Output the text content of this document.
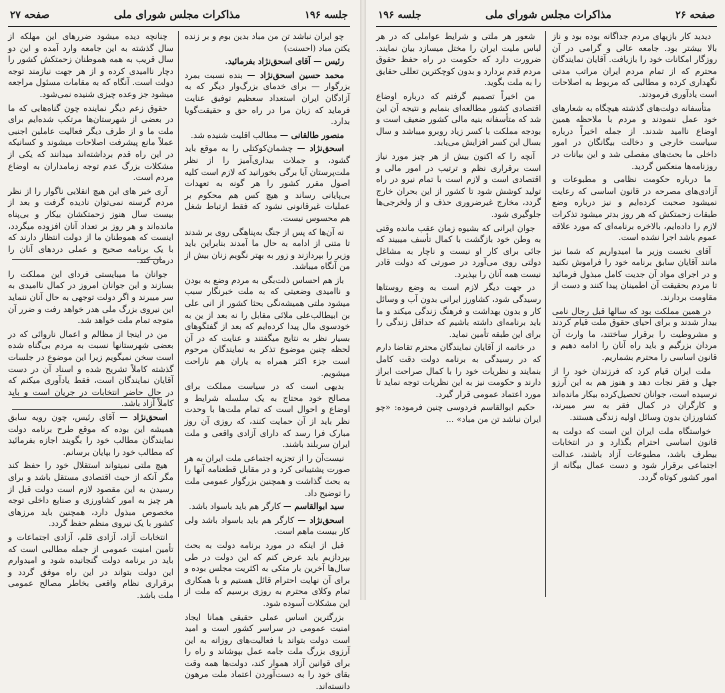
جلسه ۱۹۶
مذاکرات مجلس شورای ملی
صفحه ۲۷

چو ایران نباشد تن من مباد بدین بوم و بر زنده یکتن مباد (احسنت)

رئیس — آقای اسحق‌نژاد بفرمائید.

محمد حسین اسحق‌نژاد — بنده نسبت بمرد بزرگوار — برای خدمای بزرگ‌وار دیگر که به آزادگان ایران استعداد سعظیم توفیق عنایت فرماید که زبان مرا در راه حق و حقیقت‌گویا بدارد.

منصور طالقانی — مطالب اقلیت شنیده شد.

اسحق‌نژاد — چشمان‌کوکتلی را به موقع باید گشود، و جملات بیداری‌آمیز را از نظر ملت‌پرستان آیا برگی بخورانید که لازم است کلیه اصول مقرر کشور را هر گونه به تعهدات بی‌پایانی رساند و هیچ کس هم محکوم بر عملیات غیرقانونی نشود که فقط ارتباط شغل هم محسوس نیست.

نه آن‌ها که پس از جنگ به‌پناهگی روی بر شدند تا متنی از ادامه به حال ما آمدند بنابراین باید وزیر را بپردازند و زور به بهتر نگویم زنان بیش از من آنگاه میباشد.

باز هم احساس ذلت‌بگی به مردم وضع به بودن و ناامیدی وضعیتی که به ملت خبرنگار سبب میشود ملتی همیشه‌نگی بحثا کشور از انی علی بن ابیطالب‌علی ملائی مقابل را نه بعد از ین به خودسوی مال پیدا کرده‌ایم که بعد از گفتگوهای بسیار نظر به نتایج میگفتند و عنایت که در آن لحظه چنین موضوع تذکر به نمایندگان مرحوم است جزء اکثر همراه به یاران هم ناراحت میشویم.

بدیهی است که در سیاست مملکت برای مصالح خود محتاج به یک سلسله شرایط و اوضاع و احوال است که تمام ملت‌ها با وحدت نظر باید از آن حمایت کنند، که روزی آن روز مبارک فرا رسد که دارای آزادی واقعی و ملت ایران سربلند باشند.

نیست‌آن را از تجزیه اجتماعی ملت ایران به هر صورت پشتیبانی کرد و در مقابل قطعنامه آنها را به بحث گذاشت و همچنین بزرگوار عمومی ملت را توضیح داد.

سید ابوالقاسم — کارگر هم باید باسواد باشد.

اسحق‌نژاد — کارگر هم باید باسواد باشد ولی کار بیست ماهم است.

قبل از اینکه در مورد برنامه دولت به بحث بپردازیم باید عرض کنم که این دولت در طی سال‌ها آخرین بار متکی به اکثریت مجلس بوده و برای آن نهایت احترام قائل هستیم و با همکاری تمام وکلای محترم به روزی برسیم که ملت از این مشکلات آسوده شود.

بزرگترین اساس عملی حقیقی همانا ایجاد امنیت عمومی در سراسر کشور است و امید است دولت بتواند با فعالیت‌های روزانه به این آرزوی بزرگ ملت جامه عمل بپوشاند و راه را برای قوانین آزاد هموار کند، دولت‌ها همه وقت بقای خود را به دست‌آوردن اعتماد ملت مرهون دانسته‌اند.

چنانچه دیده میشود ضررهای این مهلکه از سال گذشته به این جامعه وارد آمده و این دو سال قریب به همه هموطنان زحمتکش کشور را دچار ناامیدی کرده و از هر جهت نیازمند توجه دولت است. آنگاه که به مقامات مسئول مراجعه میشود جز وعده چیزی شنیده نمی‌شود.

حقوق زعم دیگر نماینده چون گناه‌هایی که ما در بعضی از شهرستان‌ها مرتکب شده‌ایم برای ملت ما و از طرف دیگر فعالیت عاملین اجنبی عملاً مانع پیشرفت اصلاحات میشوند و کسانیکه در این راه قدم برداشته‌اند میدانند که یکی از مشکلات بزرگ عدم توجه زمامداران به اوضاع مردم است.

آری خبر های این هیچ انقلابی ناگوار را از نظر مردم گرسنه نمی‌توان نادیده گرفت و بعد از بیست سال هنوز زحمتکشان بیکار و بی‌پناه مانده‌اند و هر روز بر تعداد آنان افزوده میگردد، اینست که هموطنان ما از دولت انتظار دارند که با یک برنامه صحیح و عملی دردهای آنان را درمان کند.

جوانان ما میبایستی فردای این مملکت را بسازند و این جوانان امروز در کمال ناامیدی به سر میبرند و اگر دولت توجهی به حال آنان ننماید این نیروی بزرگ ملی هدر خواهد رفت و ضرر آن متوجه تمام ملت خواهد شد.

من در اینجا از مظالم و اعمال ناروائی که در بعضی شهرستانها نسبت به مردم بی‌گناه شده است سخن نمیگویم زیرا این موضوع در جلسات گذشته کاملاً تشریح شده و اسناد آن در دست آقایان نمایندگان است، فقط یادآوری میکنم که در حال حاضر انتخابات در جریان است و باید کاملاً آزاد باشد.

اسحق‌نژاد — آقای رئیس، چون رویه سابق همیشه این بوده که موقع طرح برنامه دولت نمایندگان مطالب خود را بگویند اجازه بفرمائید که مطالب خود را بپایان برسانم.

هیچ ملتی نمیتواند استقلال خود را حفظ کند مگر آنکه از حیث اقتصادی مستقل باشد و برای رسیدن به این مقصود لازم است دولت قبل از هر چیز به امور کشاورزی و صنایع داخلی توجه مخصوص مبذول دارد، همچنین باید مرزهای کشور با یک نیروی منظم حفظ گردد.

انتخابات آزاد، آزادی قلم، آزادی اجتماعات و تأمین امنیت عمومی از جمله مطالبی است که باید در برنامه دولت گنجانیده شود و امیدوارم این دولت بتواند در این راه موفق گردد و برقراری نظام واقعی بخاطر مصالح عمومی ملت باشد.

صفحه ۲۶
مذاکرات مجلس شورای ملی
جلسه ۱۹۶

دیدید کار بازیهای مردم جداگانه بوده بود و ناز بالا بیشتر بود. جامعه عالی و گرامی در آن روزگار امکانات خود را بازیافت. آقایان نمایندگان محترم که از تمام مردم ایران مراتب مدتی نگهداری کرده و مطالبی که مربوط به اصلاحات است یادآوری فرمودند.

متأسفانه دولت‌های گذشته هیچگاه به شعارهای خود عمل ننمودند و مردم با ملاحظه همین اوضاع ناامید شدند. از جمله اخیراً درباره سیاست خارجی و دخالت بیگانگان در امور داخلی ما بحث‌های مفصلی شد و این بیانات در روزنامه‌ها منعکس گردید.

ما درباره حکومت نظامی و مطبوعات و آزادی‌های مصرحه در قانون اساسی که رعایت نمیشود صحبت کرده‌ایم و نیز درباره وضع طبقات زحمتکش که هر روز بدتر میشود تذکرات لازم را داده‌ایم، بالاخره برنامه‌ای که مورد علاقه عموم باشد اجرا نشده است.

آقای نخست وزیر ما امیدواریم که شما نیز مانند آقایان سابق برنامه خود را فراموش نکنید و در اجرای مواد آن جدیت کامل مبذول فرمائید تا مردم بحقیقت آن اطمینان پیدا کنند و دست از مقاومت بردارند.

در همین مملکت بود که سالها قبل رجال نامی بیدار شدند و برای احیای حقوق ملت قیام کردند و مشروطیت را برقرار ساختند، ما وارث آن مردان بزرگیم و باید راه آنان را ادامه دهیم و قانون اساسی را محترم بشماریم.

ملت ایران قیام کرد که فرزندان خود را از جهل و فقر نجات دهد و هنوز هم به این آرزو نرسیده است، جوانان تحصیل‌کرده بیکار مانده‌اند و کارگران در کمال فقر به سر میبرند، کشاورزان بدون وسائل اولیه زندگی هستند.

خواستگاه ملت ایران این است که دولت به قانون اساسی احترام بگذارد و در انتخابات بیطرف باشد، مطبوعات آزاد باشند، عدالت اجتماعی برقرار شود و دست عمال بیگانه از امور کشور کوتاه گردد.

شعور هر ملتی و شرایط عواملی که در هر لباس ملیت ایران را مختل میسازد بیان نمایند. ضرورت دارد که حکومت در راه حفظ حقوق مردم قدم بردارد و بدون کوچکترین تعللی حقایق را به ملت بگوید.

من اخیراً تصمیم گرفتم که درباره اوضاع اقتصادی کشور مطالعه‌ای بنمایم و نتیجه آن این شد که متأسفانه بنیه مالی کشور ضعیف است و بودجه مملکت با کسر زیاد روبرو میباشد و سال بسال این کسر افزایش می‌یابد.

آنچه را که اکنون بیش از هر چیز مورد نیاز است برقراری نظم و ترتیب در امور مالی و اقتصادی است و لازم است با تمام نیرو در راه تولید کوشش شود تا کشور از این بحران خارج گردد، مخارج غیرضروری حذف و از ولخرجی‌ها جلوگیری شود.

جوان ایرانی که بشیوه زمان عقب مانده وقتی به وطن خود بازگشت با کمال تأسف میبیند که جائی برای کار او نیست و ناچار به مشاغل دولتی روی می‌آورد در صورتی که دولت قادر نیست همه آنان را بپذیرد.

در جهت دیگر لازم است به وضع روستاها رسیدگی شود، کشاورز ایرانی بدون آب و وسائل کار و بدون بهداشت و فرهنگ زندگی میکند و ما باید برنامه‌ای داشته باشیم که حداقل زندگی را برای این طبقه تأمین نماید.

در خاتمه از آقایان نمایندگان محترم تقاضا دارم که در رسیدگی به برنامه دولت دقت کامل بنمایند و نظریات خود را با کمال صراحت ابراز دارند و حکومت نیز به این نظریات توجه نماید تا مورد اعتماد عمومی قرار گیرد.

حکیم ابوالقاسم فردوسی چنین فرموده: «چو ایران نباشد تن من مباد» ...
